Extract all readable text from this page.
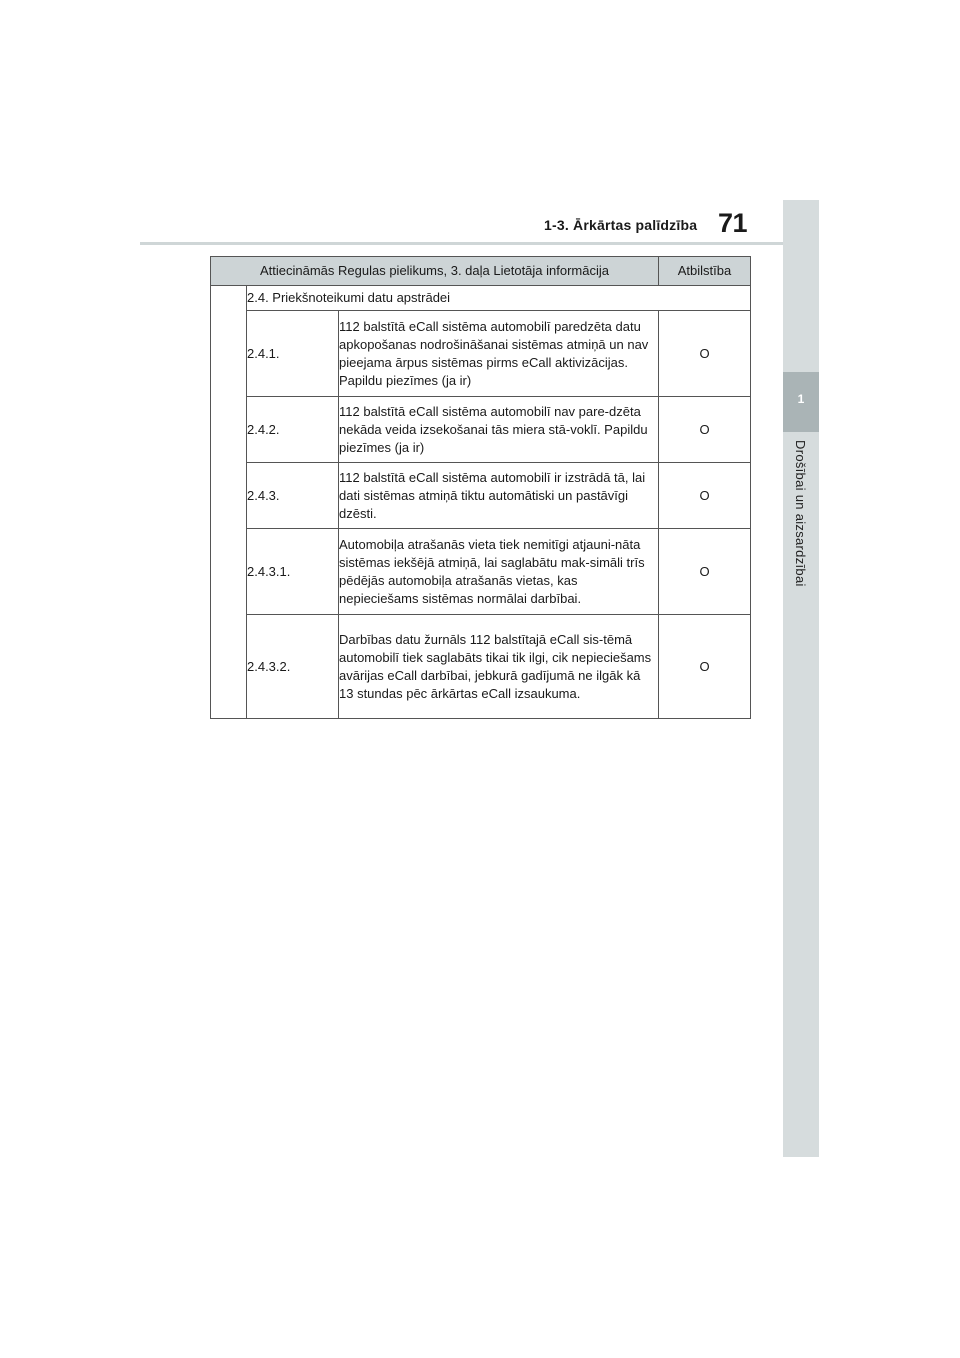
1-3. Ārkārtas palīdzība 71
1
Drošībai un aizsardzībai
Attiecināmās Regulas pielikums, 3. daļa Lietotāja informācija			Atbilstība
	2.4. Priekšnoteikumi datu apstrādei		
	2.4.1.	112 balstītā eCall sistēma automobilī paredzēta datu apkopošanas nodrošināšanai sistēmas atmiņā un nav pieejama ārpus sistēmas pirms eCall aktivizācijas. Papildu piezīmes (ja ir)	O
	2.4.2.	112 balstītā eCall sistēma automobilī nav pare-dzēta nekāda veida izsekošanai tās miera stā-voklī. Papildu piezīmes (ja ir)	O
	2.4.3.	112 balstītā eCall sistēma automobilī ir izstrādā tā, lai dati sistēmas atmiņā tiktu automātiski un pastāvīgi dzēsti.	O
	2.4.3.1.	Automobiļa atrašanās vieta tiek nemitīgi atjauni-nāta sistēmas iekšējā atmiņā, lai saglabātu mak-simāli trīs pēdējās automobiļa atrašanās vietas, kas nepieciešams sistēmas normālai darbībai.	O
	2.4.3.2.	Darbības datu žurnāls 112 balstītajā eCall sis-tēmā automobilī tiek saglabāts tikai tik ilgi, cik nepieciešams avārijas eCall darbībai, jebkurā gadījumā ne ilgāk kā 13 stundas pēc ārkārtas eCall izsaukuma.	O
